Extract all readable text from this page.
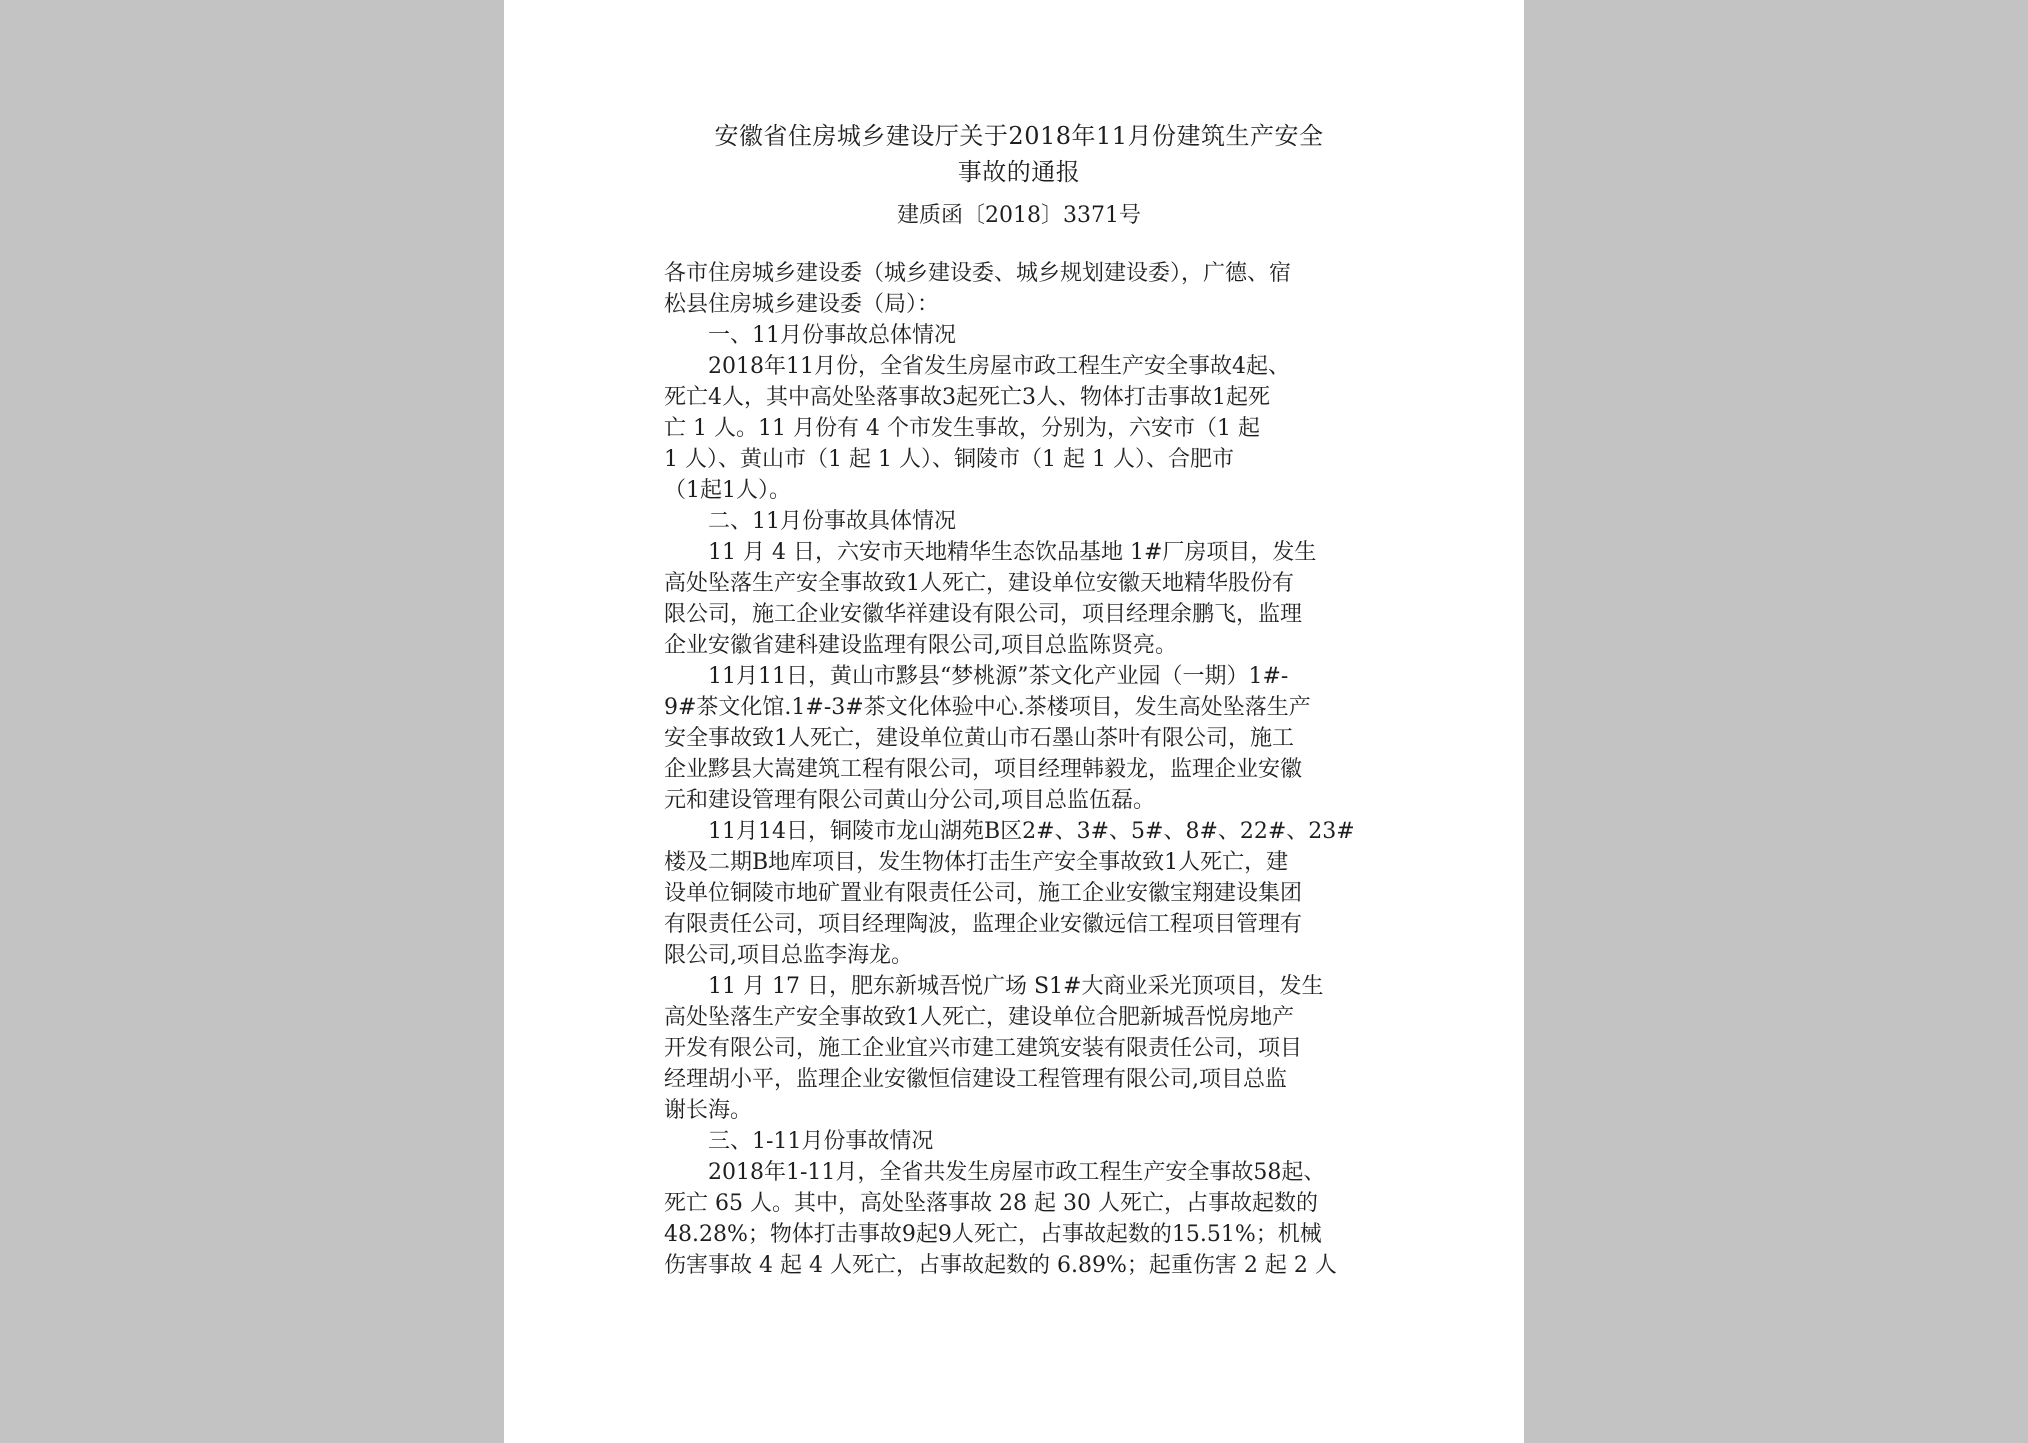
安徽省住房城乡建设厅关于2018年11月份建筑生产安全
事故的通报
建质函〔2018〕3371号

各市住房城乡建设委（城乡建设委、城乡规划建设委），广德、宿

松县住房城乡建设委（局）：

一、11月份事故总体情况

2018年11月份，全省发生房屋市政工程生产安全事故4起、

死亡4人，其中高处坠落事故3起死亡3人、物体打击事故1起死

亡 1 人。11 月份有 4 个市发生事故，分别为，六安市（1 起

1 人）、黄山市（1 起 1 人）、铜陵市（1 起 1 人）、合肥市

（1起1人）。

二、11月份事故具体情况

11 月 4 日，六安市天地精华生态饮品基地 1#厂房项目，发生

高处坠落生产安全事故致1人死亡，建设单位安徽天地精华股份有

限公司，施工企业安徽华祥建设有限公司，项目经理余鹏飞，监理

企业安徽省建科建设监理有限公司,项目总监陈贤亮。

11月11日，黄山市黟县“梦桃源”茶文化产业园（一期）1#-

9#茶文化馆.1#-3#茶文化体验中心.茶楼项目，发生高处坠落生产

安全事故致1人死亡，建设单位黄山市石墨山茶叶有限公司，施工

企业黟县大嵩建筑工程有限公司，项目经理韩毅龙，监理企业安徽

元和建设管理有限公司黄山分公司,项目总监伍磊。

11月14日，铜陵市龙山湖苑B区2#、3#、5#、8#、22#、23#

楼及二期B地库项目，发生物体打击生产安全事故致1人死亡，建

设单位铜陵市地矿置业有限责任公司，施工企业安徽宝翔建设集团

有限责任公司，项目经理陶波，监理企业安徽远信工程项目管理有

限公司,项目总监李海龙。

11 月 17 日，肥东新城吾悦广场 S1#大商业采光顶项目，发生

高处坠落生产安全事故致1人死亡，建设单位合肥新城吾悦房地产

开发有限公司，施工企业宜兴市建工建筑安装有限责任公司，项目

经理胡小平，监理企业安徽恒信建设工程管理有限公司,项目总监

谢长海。

三、1-11月份事故情况

2018年1-11月，全省共发生房屋市政工程生产安全事故58起、

死亡 65 人。其中，高处坠落事故 28 起 30 人死亡，占事故起数的

48.28%；物体打击事故9起9人死亡，占事故起数的15.51%；机械

伤害事故 4 起 4 人死亡，占事故起数的 6.89%；起重伤害 2 起 2 人
